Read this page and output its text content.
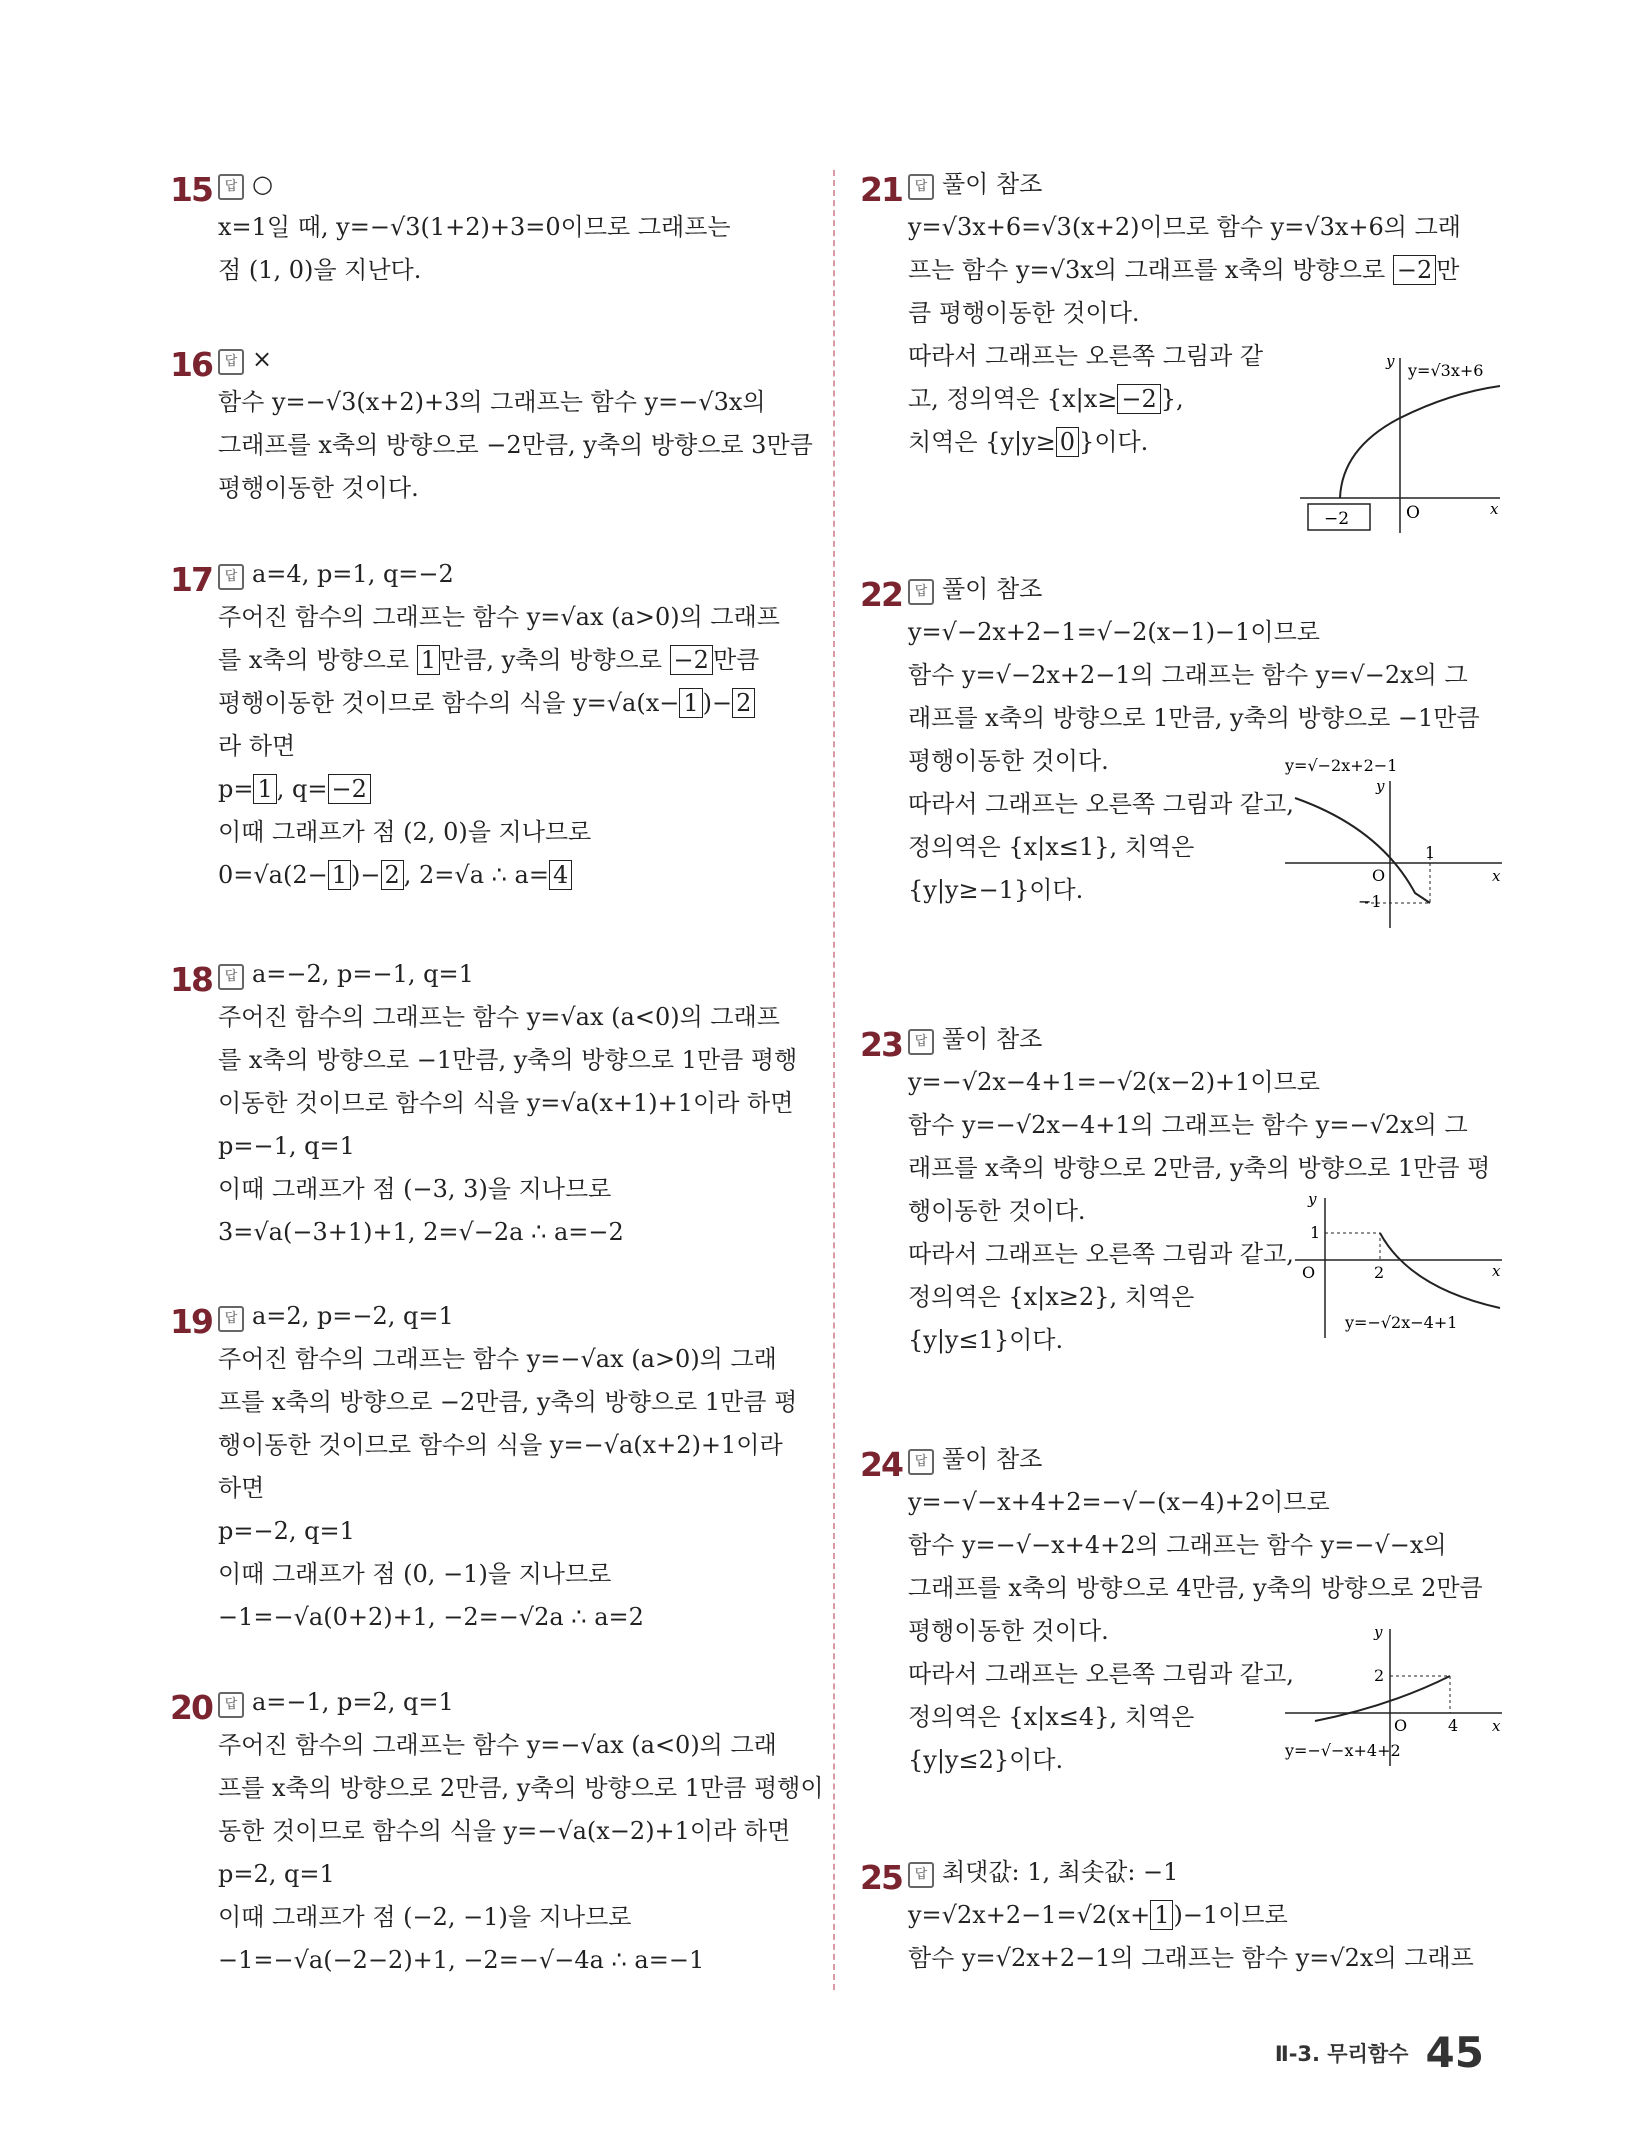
15 답 ○
x=1일 때, y=−√3(1+2)+3=0이므로 그래프는
점 (1, 0)을 지난다.
16 답 ×
함수 y=−√3(x+2)+3의 그래프는 함수 y=−√3x의
그래프를 x축의 방향으로 −2만큼, y축의 방향으로 3만큼
평행이동한 것이다.
17 답 a=4, p=1, q=−2
주어진 함수의 그래프는 함수 y=√ax (a>0)의 그래프
를 x축의 방향으로 1 만큼, y축의 방향으로 −2 만큼
평행이동한 것이므로 함수의 식을 y=√a(x− 1 )− 2
라 하면
p= 1 , q= −2
이때 그래프가 점 (2, 0)을 지나므로
0=√a(2− 1 )− 2 , 2=√a ∴ a= 4
18 답 a=−2, p=−1, q=1
주어진 함수의 그래프는 함수 y=√ax (a<0)의 그래프
를 x축의 방향으로 −1만큼, y축의 방향으로 1만큼 평행
이동한 것이므로 함수의 식을 y=√a(x+1)+1이라 하면
p=−1, q=1
이때 그래프가 점 (−3, 3)을 지나므로
3=√a(−3+1)+1, 2=√−2a ∴ a=−2
19 답 a=2, p=−2, q=1
주어진 함수의 그래프는 함수 y=−√ax (a>0)의 그래
프를 x축의 방향으로 −2만큼, y축의 방향으로 1만큼 평
행이동한 것이므로 함수의 식을 y=−√a(x+2)+1이라
하면
p=−2, q=1
이때 그래프가 점 (0, −1)을 지나므로
−1=−√a(0+2)+1, −2=−√2a ∴ a=2
20 답 a=−1, p=2, q=1
주어진 함수의 그래프는 함수 y=−√ax (a<0)의 그래
프를 x축의 방향으로 2만큼, y축의 방향으로 1만큼 평행이
동한 것이므로 함수의 식을 y=−√a(x−2)+1이라 하면
p=2, q=1
이때 그래프가 점 (−2, −1)을 지나므로
−1=−√a(−2−2)+1, −2=−√−4a ∴ a=−1
21 답 풀이 참조
y=√3x+6=√3(x+2)이므로 함수 y=√3x+6의 그래
프는 함수 y=√3x의 그래프를 x축의 방향으로 −2 만
큼 평행이동한 것이다.
따라서 그래프는 오른쪽 그림과 같
고, 정의역은 {x|x≥ −2 },
치역은 {y|y≥ 0 }이다.
−2	O	x
y y=√3x+6
22 답 풀이 참조
y=√−2x+2−1=√−2(x−1)−1이므로
함수 y=√−2x+2−1의 그래프는 함수 y=√−2x의 그
래프를 x축의 방향으로 1만큼, y축의 방향으로 −1만큼
평행이동한 것이다.
따라서 그래프는 오른쪽 그림과 같고,
정의역은 {x|x≤1}, 치역은
{y|y≥−1}이다.
1
−1
O	x
y
y=√−2x+2−1
23 답 풀이 참조
y=−√2x−4+1=−√2(x−2)+1이므로
함수 y=−√2x−4+1의 그래프는 함수 y=−√2x의 그
래프를 x축의 방향으로 2만큼, y축의 방향으로 1만큼 평
행이동한 것이다.
따라서 그래프는 오른쪽 그림과 같고,
정의역은 {x|x≥2}, 치역은
{y|y≤1}이다.
2
1
O	x
y
y=−√2x−4+1
24 답 풀이 참조
y=−√−x+4+2=−√−(x−4)+2이므로
함수 y=−√−x+4+2의 그래프는 함수 y=−√−x의
그래프를 x축의 방향으로 4만큼, y축의 방향으로 2만큼
평행이동한 것이다.
따라서 그래프는 오른쪽 그림과 같고,
정의역은 {x|x≤4}, 치역은
{y|y≤2}이다.
4
2
O	x
y
y=−√−x+4+2
25 답 최댓값: 1, 최솟값: −1
y=√2x+2−1=√2(x+ 1 )−1이므로
함수 y=√2x+2−1의 그래프는 함수 y=√2x의 그래프
Ⅱ-3. 무리함수 45
